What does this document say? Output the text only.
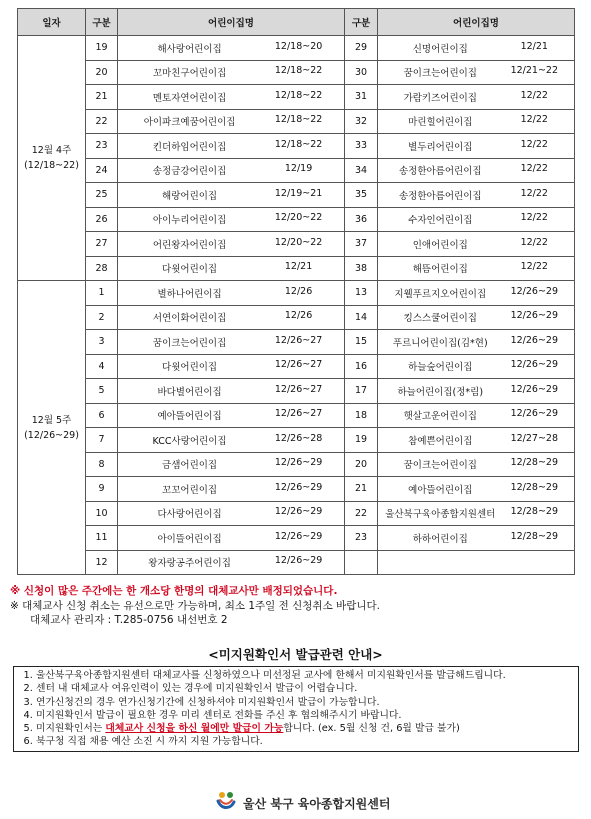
일자	구분	어린이집명	구분	어린이집명

12월 4주
(12/18~22)	19	해사랑어린이집 12/18~20	29	신명어린이집 12/21

	20	꼬마친구어린이집 12/18~22	30	꿈이크는어린이집 12/21~22

	21	멘토자연어린이집 12/18~22	31	가람키즈어린이집 12/22

	22	아이파크예꿈어린이집 12/18~22	32	마린힐어린이집 12/22

	23	킨더하임어린이집 12/18~22	33	별두리어린이집 12/22

	24	송정금강어린이집 12/19	34	송정한아름어린이집 12/22

	25	해랑어린이집 12/19~21	35	송정한아름어린이집 12/22

	26	아이누리어린이집 12/20~22	36	수자인어린이집 12/22

	27	어린왕자어린이집 12/20~22	37	인애어린이집 12/22

	28	다윗어린이집 12/21	38	해뜸어린이집 12/22

12월 5주
(12/26~29)	1	별하나어린이집 12/26	13	지웰푸르지오어린이집 12/26~29

	2	서연이화어린이집 12/26	14	킹스스쿨어린이집 12/26~29

	3	꿈이크는어린이집 12/26~27	15	푸르니어린이집(김*현) 12/26~29

	4	다윗어린이집 12/26~27	16	하늘숲어린이집 12/26~29

	5	바다별어린이집 12/26~27	17	하늘어린이집(정*림) 12/26~29

	6	예아뜰어린이집 12/26~27	18	햇살고운어린이집 12/26~29

	7	KCC사랑어린이집 12/26~28	19	참예쁜어린이집 12/27~28

	8	금샘어린이집 12/26~29	20	꿈이크는어린이집 12/28~29

	9	꼬꼬어린이집 12/26~29	21	예아뜰어린이집 12/28~29

	10	다사랑어린이집 12/26~29	22	울산북구육아종합지원센터 12/28~29

	11	아이뜰어린이집 12/26~29	23	하하어린이집 12/28~29

	12	왕자랑공주어린이집 12/26~29		

※ 신청이 많은 주간에는 한 개소당 한명의 대체교사만 배정되었습니다.
※ 대체교사 신청 취소는 유선으로만 가능하며, 최소 1주일 전 신청취소 바랍니다.
대체교사 관리자 : T.285-0756 내선번호 2
<미지원확인서 발급관련 안내>
1. 울산북구육아종합지원센터 대체교사를 신청하였으나 미선정된 교사에 한해서 미지원확인서를 발급해드립니다.
2. 센터 내 대체교사 여유인력이 있는 경우에 미지원확인서 발급이 어렵습니다.
3. 연가신청건의 경우 연가신청기간에 신청하셔야 미지원확인서 발급이 가능합니다.
4. 미지원확인서 발급이 필요한 경우 미리 센터로 전화를 주신 후 협의해주시기 바랍니다.
5. 미지원확인서는 대체교사 신청을 하신 월에만 발급이 가능합니다. (ex. 5월 신청 건, 6월 발급 불가)
6. 북구청 직접 채용 예산 소진 시 까지 지원 가능합니다.
울산 북구 육아종합지원센터
